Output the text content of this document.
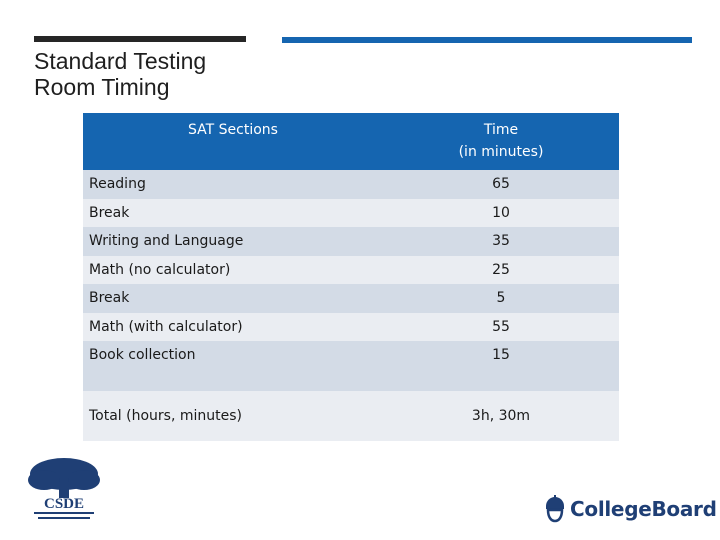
Standard Testing
Room Timing
SAT Sections	Time
(in minutes)

Reading	65
Break	10
Writing and Language	35
Math (no calculator)	25
Break	5
Math (with calculator)	55
Book collection	15
Total (hours, minutes)	3h, 30m
CSDE	CollegeBoard
